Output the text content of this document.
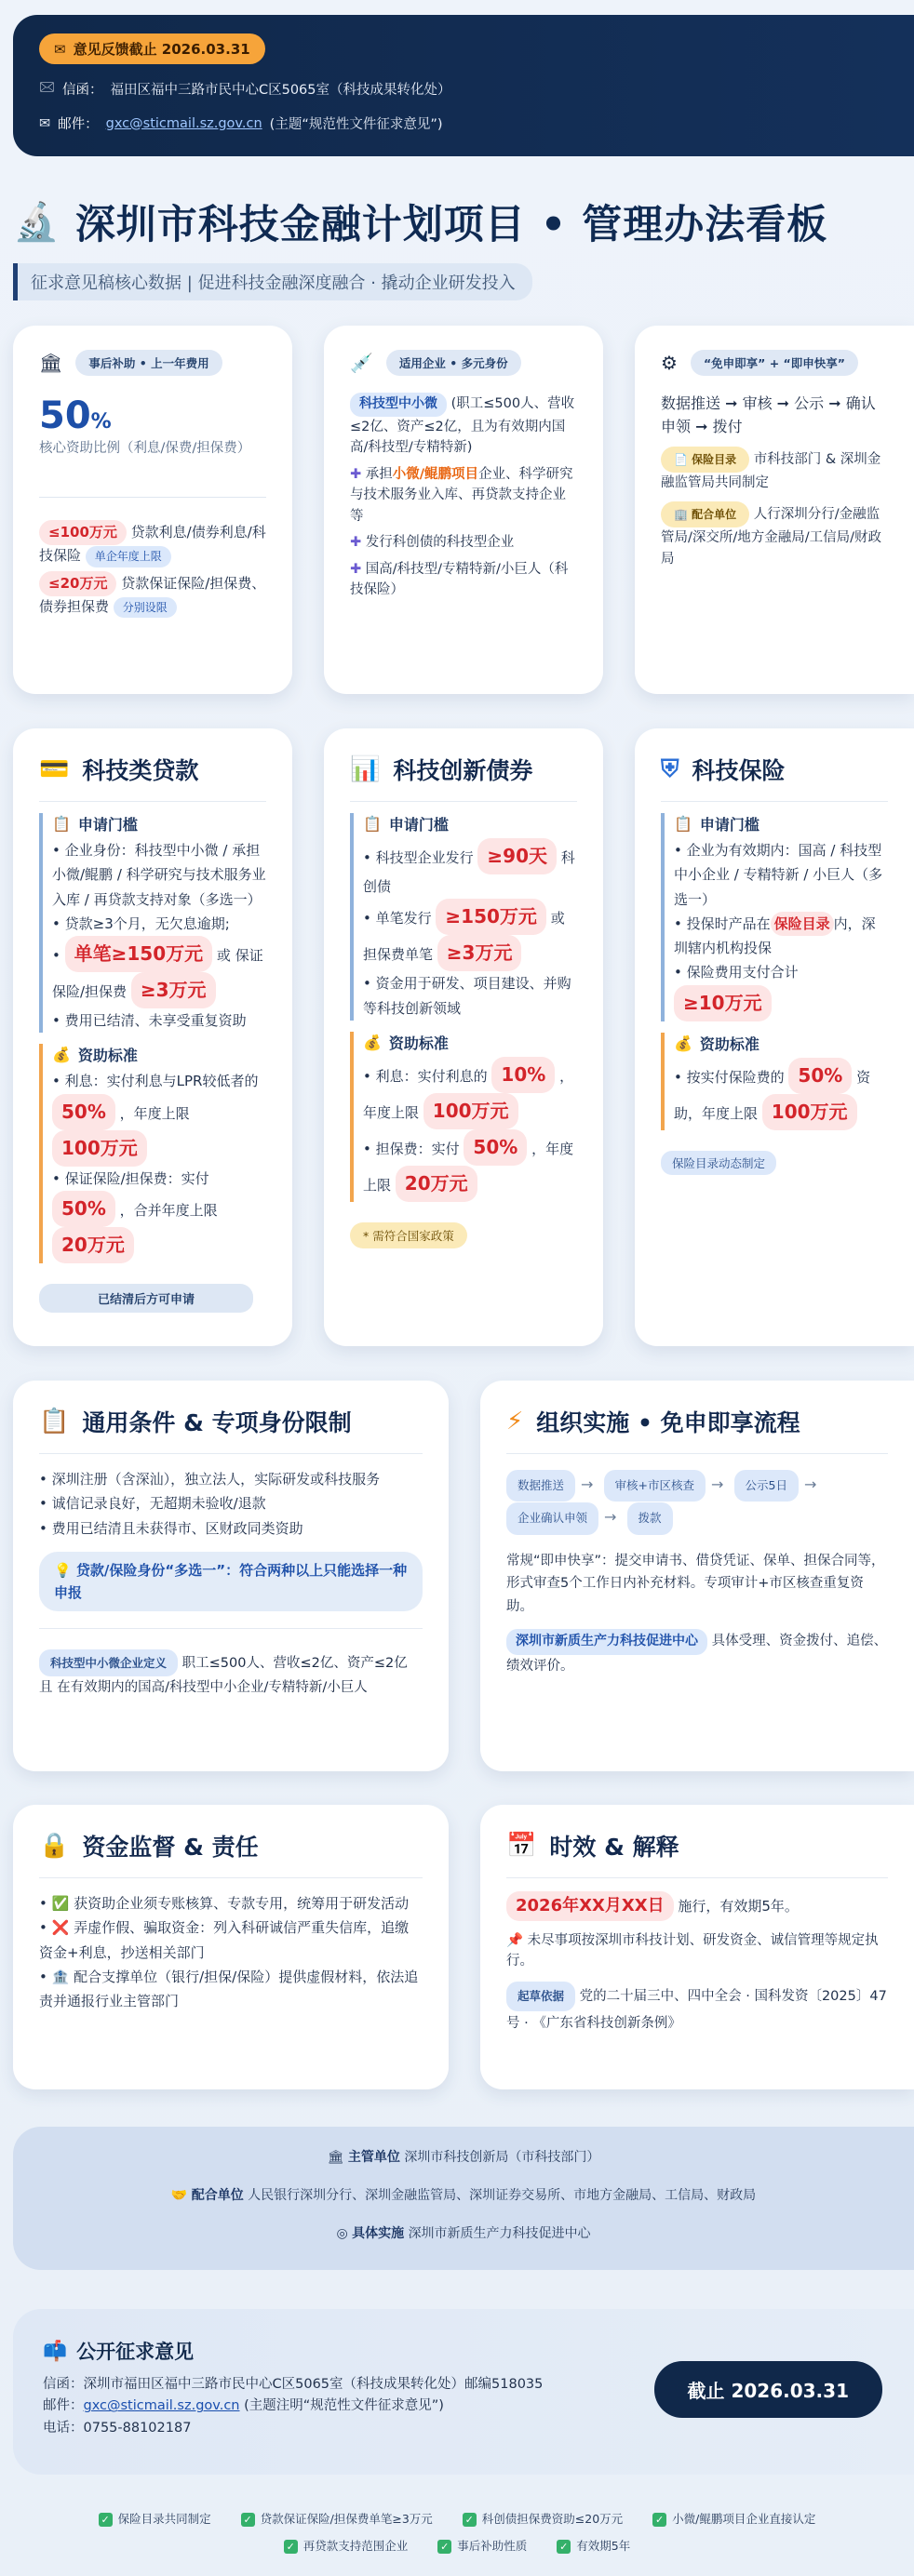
✉ 意见反馈截止 2026.03.31
🖂 信函： 福田区福中三路市民中心C区5065室（科技成果转化处）
✉ 邮件： gxc@sticmail.sz.gov.cn (主题“规范性文件征求意见”)
🔬 深圳市科技金融计划项目 • 管理办法看板
征求意见稿核心数据 | 促进科技金融深度融合 · 撬动企业研发投入
🏛	事后补助 • 上一年费用
50%
核心资助比例（利息/保费/担保费）
≤100万元 贷款利息/债券利息/科技保险 单企年度上限
≤20万元 贷款保证保险/担保费、债券担保费 分别设限
💉	适用企业 • 多元身份
科技型中小微 (职工≤500人、营收≤2亿、资产≤2亿，且为有效期内国高/科技型/专精特新)
✚ 承担小微/鲲鹏项目企业、科学研究与技术服务业入库、再贷款支持企业等
✚ 发行科创债的科技型企业
✚ 国高/科技型/专精特新/小巨人（科技保险）
⚙	“免申即享” + “即申快享”
数据推送 ➞ 审核 ➞ 公示 ➞ 确认申领 ➞ 拨付
📄 保险目录 市科技部门 & 深圳金融监管局共同制定
🏢 配合单位 人行深圳分行/金融监管局/深交所/地方金融局/工信局/财政局
💳 科技类贷款
📋 申请门槛
• 企业身份：科技型中小微 / 承担小微/鲲鹏 / 科学研究与技术服务业入库 / 再贷款支持对象（多选一）
• 贷款≥3个月，无欠息逾期;
• 单笔≥150万元 或 保证保险/担保费 ≥3万元
• 费用已结清、未享受重复资助
💰 资助标准
• 利息：实付利息与LPR较低者的 50% ，年度上限 100万元
• 保证保险/担保费：实付 50% ，合并年度上限 20万元
已结清后方可申请
📊 科技创新债券
📋 申请门槛
• 科技型企业发行 ≥90天 科创债
• 单笔发行 ≥150万元 或担保费单笔 ≥3万元
• 资金用于研发、项目建设、并购等科技创新领域
💰 资助标准
• 利息：实付利息的 10% ，年度上限 100万元
• 担保费：实付 50% ，年度上限 20万元
* 需符合国家政策
⛨ 科技保险
📋 申请门槛
• 企业为有效期内：国高 / 科技型中小企业 / 专精特新 / 小巨人（多选一）
• 投保时产品在 保险目录 内，深圳辖内机构投保
• 保险费用支付合计 ≥10万元
💰 资助标准
• 按实付保险费的 50% 资助，年度上限 100万元
保险目录动态制定
📋 通用条件 & 专项身份限制
• 深圳注册（含深汕），独立法人，实际研发或科技服务
• 诚信记录良好，无超期未验收/退款
• 费用已结清且未获得市、区财政同类资助
💡 贷款/保险身份“多选一”：符合两种以上只能选择一种申报
科技型中小微企业定义 职工≤500人、营收≤2亿、资产≤2亿 且 在有效期内的国高/科技型中小企业/专精特新/小巨人
⚡ 组织实施 • 免申即享流程
数据推送 → 审核+市区核查 → 公示5日 →
企业确认申领 → 拨款
常规“即申快享”：提交申请书、借贷凭证、保单、担保合同等，形式审查5个工作日内补充材料。专项审计+市区核查重复资助。
深圳市新质生产力科技促进中心 具体受理、资金拨付、追偿、绩效评价。
🔒 资金监督 & 责任
• ✅ 获资助企业须专账核算、专款专用，统筹用于研发活动
• ❌ 弄虚作假、骗取资金：列入科研诚信严重失信库，追缴资金+利息，抄送相关部门
• 🏦 配合支撑单位（银行/担保/保险）提供虚假材料，依法追责并通报行业主管部门
📅 时效 & 解释
2026年XX月XX日 施行，有效期5年。
📌 未尽事项按深圳市科技计划、研发资金、诚信管理等规定执行。
起草依据 党的二十届三中、四中全会 · 国科发资〔2025〕47号 · 《广东省科技创新条例》
🏛 主管单位 深圳市科技创新局（市科技部门）
🤝 配合单位 人民银行深圳分行、深圳金融监管局、深圳证券交易所、市地方金融局、工信局、财政局
◎ 具体实施 深圳市新质生产力科技促进中心
📫 公开征求意见
信函：深圳市福田区福中三路市民中心C区5065室（科技成果转化处）邮编518035
邮件：gxc@sticmail.sz.gov.cn (主题注明“规范性文件征求意见”)
电话：0755-88102187
截止 2026.03.31
✓ 保险目录共同制定
	✓ 贷款保证保险/担保费单笔≥3万元
	✓ 科创债担保费资助≤20万元
	✓ 小微/鲲鹏项目企业直接认定

✓ 再贷款支持范围企业
	✓ 事后补助性质
	✓ 有效期5年
